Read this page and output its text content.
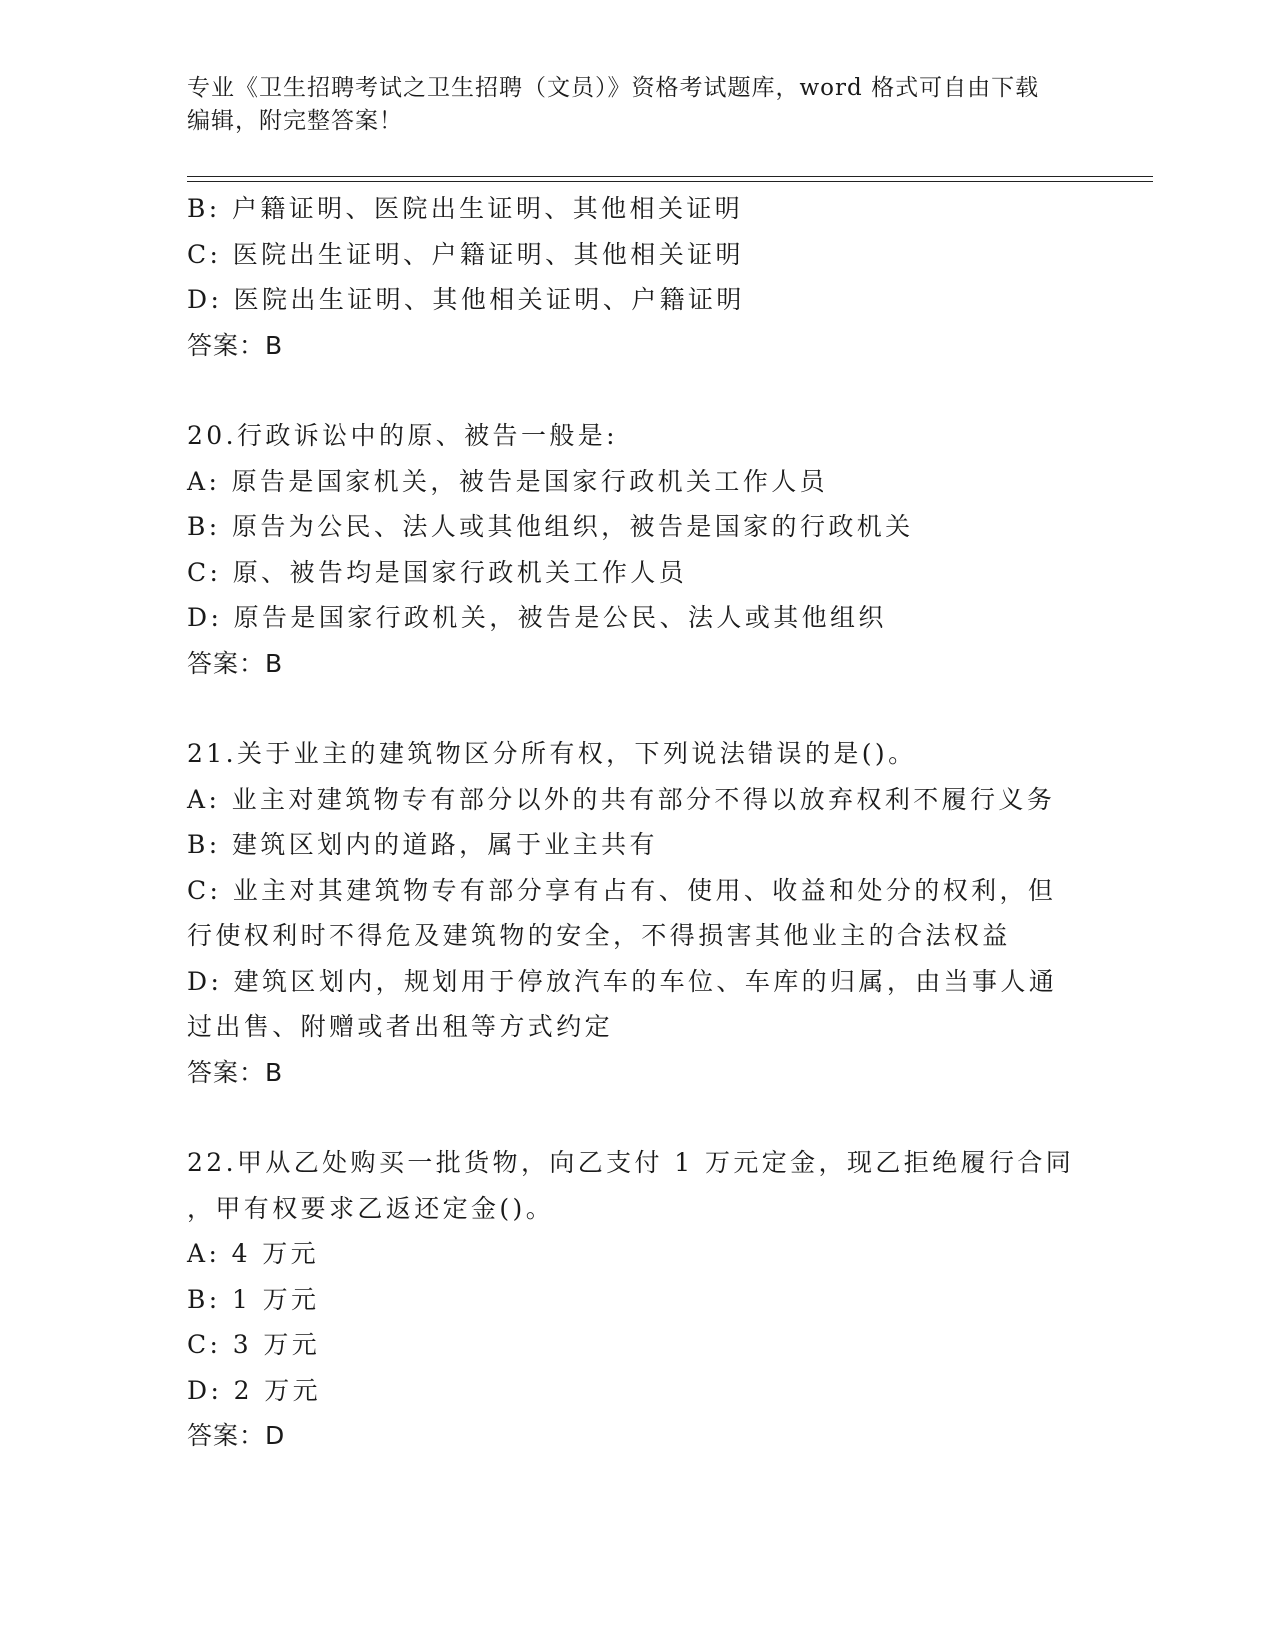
专业《卫生招聘考试之卫生招聘（文员）》资格考试题库，word 格式可自由下载
编辑，附完整答案！
B: 户籍证明、医院出生证明、其他相关证明
C: 医院出生证明、户籍证明、其他相关证明
D: 医院出生证明、其他相关证明、户籍证明
答案：B
20.行政诉讼中的原、被告一般是:
A: 原告是国家机关，被告是国家行政机关工作人员
B: 原告为公民、法人或其他组织，被告是国家的行政机关
C: 原、被告均是国家行政机关工作人员
D: 原告是国家行政机关，被告是公民、法人或其他组织
答案：B
21.关于业主的建筑物区分所有权，下列说法错误的是()。
A: 业主对建筑物专有部分以外的共有部分不得以放弃权利不履行义务
B: 建筑区划内的道路，属于业主共有
C: 业主对其建筑物专有部分享有占有、使用、收益和处分的权利，但
行使权利时不得危及建筑物的安全，不得损害其他业主的合法权益
D: 建筑区划内，规划用于停放汽车的车位、车库的归属，由当事人通
过出售、附赠或者出租等方式约定
答案：B
22.甲从乙处购买一批货物，向乙支付 1 万元定金，现乙拒绝履行合同
，甲有权要求乙返还定金()。
A: 4 万元
B: 1 万元
C: 3 万元
D: 2 万元
答案：D
